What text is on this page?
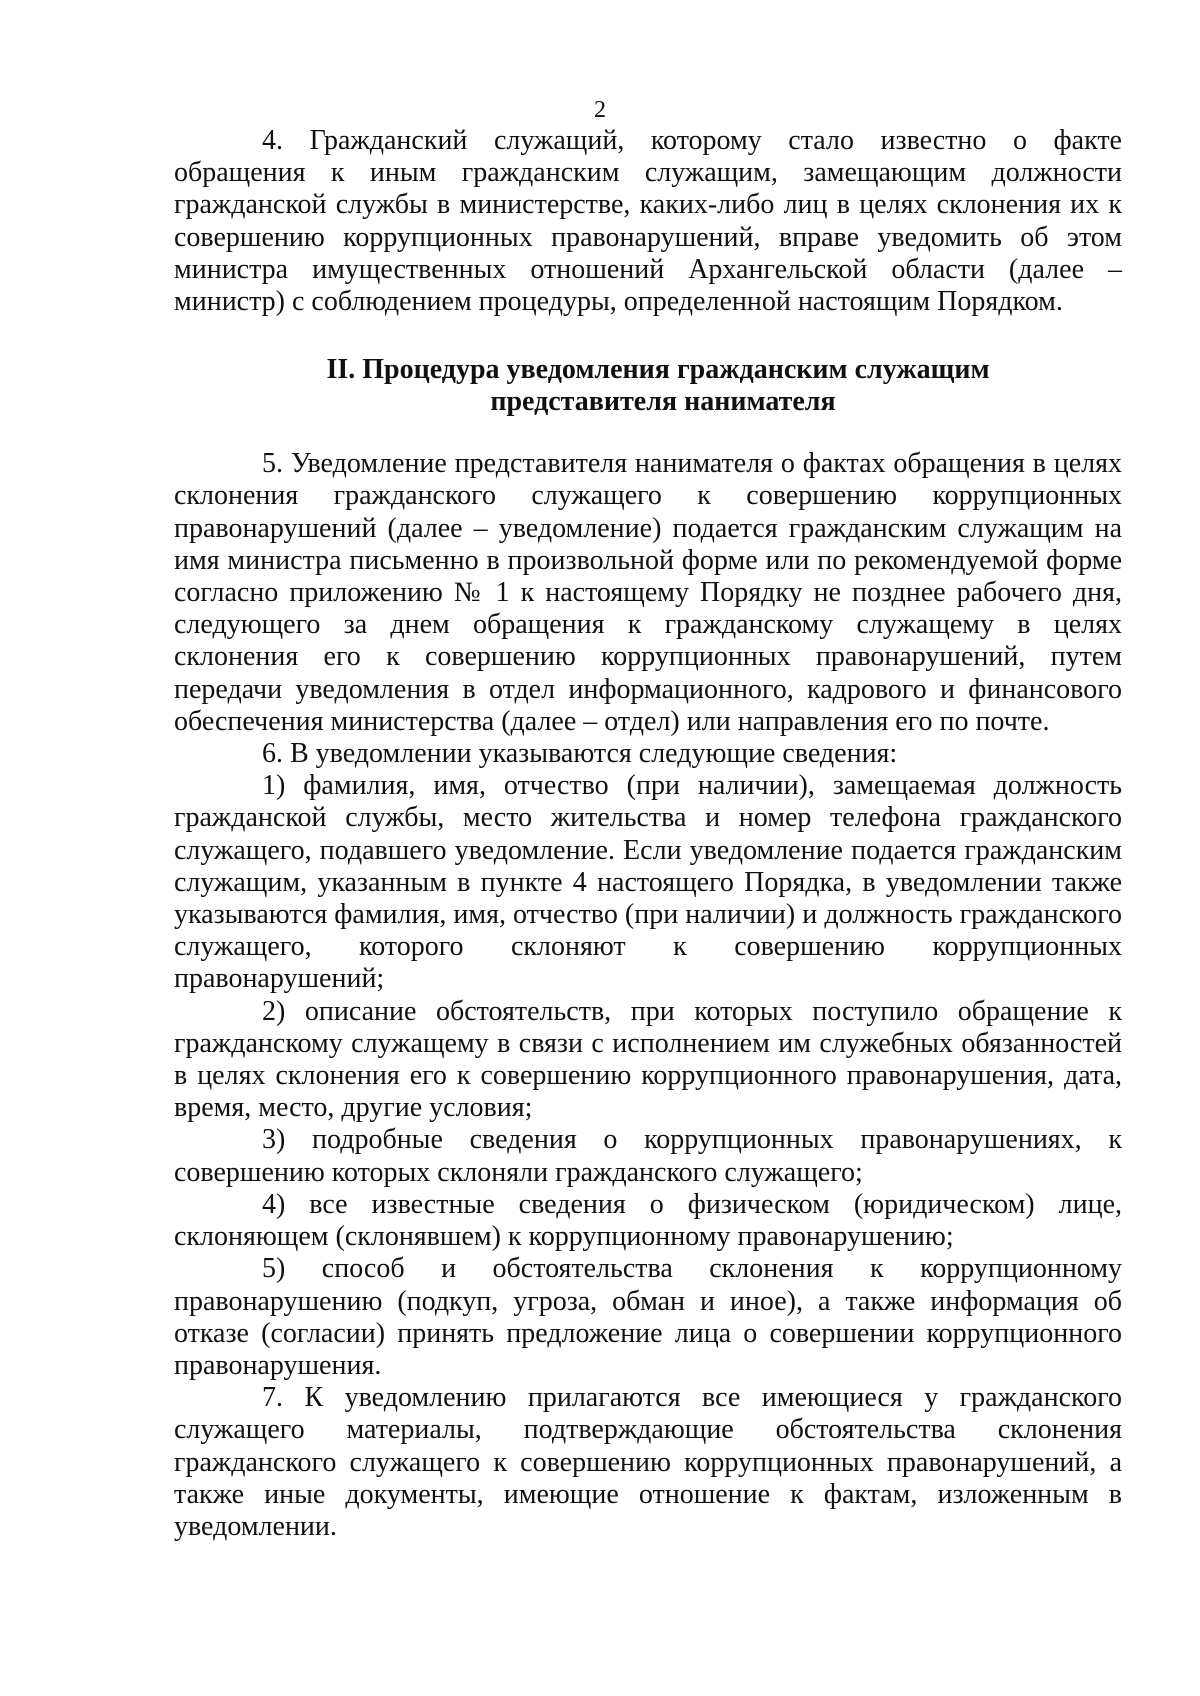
2

4. Гражданский служащий, которому стало известно о факте обращения к иным гражданским служащим, замещающим должности гражданской службы в министерстве, каких-либо лиц в целях склонения их к совершению коррупционных правонарушений, вправе уведомить об этом министра имущественных отношений Архангельской области (далее – министр) с соблюдением процедуры, определенной настоящим Порядком.

II. Процедура уведомления гражданским служащим
представителя нанимателя

5. Уведомление представителя нанимателя о фактах обращения в целях склонения гражданского служащего к совершению коррупционных правонарушений (далее – уведомление) подается гражданским служащим на имя министра письменно в произвольной форме или по рекомендуемой форме согласно приложению № 1 к настоящему Порядку не позднее рабочего дня, следующего за днем обращения к гражданскому служащему в целях склонения его к совершению коррупционных правонарушений, путем передачи уведомления в отдел информационного, кадрового и финансового обеспечения министерства (далее – отдел) или направления его по почте.

6. В уведомлении указываются следующие сведения:

1) фамилия, имя, отчество (при наличии), замещаемая должность гражданской службы, место жительства и номер телефона гражданского служащего, подавшего уведомление. Если уведомление подается гражданским служащим, указанным в пункте 4 настоящего Порядка, в уведомлении также указываются фамилия, имя, отчество (при наличии) и должность гражданского служащего, которого склоняют к совершению коррупционных правонарушений;

2) описание обстоятельств, при которых поступило обращение к гражданскому служащему в связи с исполнением им служебных обязанностей в целях склонения его к совершению коррупционного правонарушения, дата, время, место, другие условия;

3) подробные сведения о коррупционных правонарушениях, к совершению которых склоняли гражданского служащего;

4) все известные сведения о физическом (юридическом) лице, склоняющем (склонявшем) к коррупционному правонарушению;

5) способ и обстоятельства склонения к коррупционному правонарушению (подкуп, угроза, обман и иное), а также информация об отказе (согласии) принять предложение лица о совершении коррупционного правонарушения.

7. К уведомлению прилагаются все имеющиеся у гражданского служащего материалы, подтверждающие обстоятельства склонения гражданского служащего к совершению коррупционных правонарушений, а также иные документы, имеющие отношение к фактам, изложенным в уведомлении.
